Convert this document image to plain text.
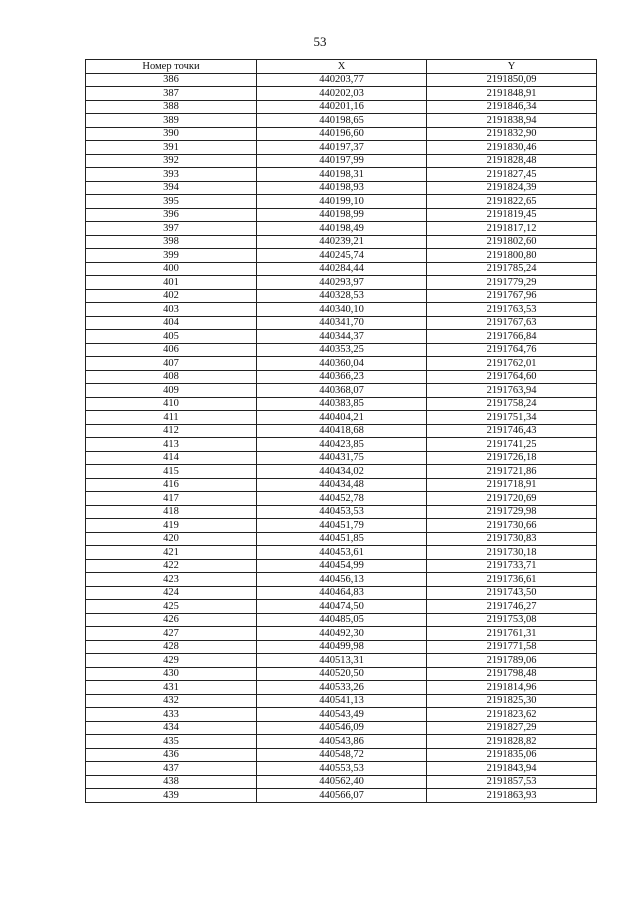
53
Номер точки	X	Y
386	440203,77	2191850,09
387	440202,03	2191848,91
388	440201,16	2191846,34
389	440198,65	2191838,94
390	440196,60	2191832,90
391	440197,37	2191830,46
392	440197,99	2191828,48
393	440198,31	2191827,45
394	440198,93	2191824,39
395	440199,10	2191822,65
396	440198,99	2191819,45
397	440198,49	2191817,12
398	440239,21	2191802,60
399	440245,74	2191800,80
400	440284,44	2191785,24
401	440293,97	2191779,29
402	440328,53	2191767,96
403	440340,10	2191763,53
404	440341,70	2191767,63
405	440344,37	2191766,84
406	440353,25	2191764,76
407	440360,04	2191762,01
408	440366,23	2191764,60
409	440368,07	2191763,94
410	440383,85	2191758,24
411	440404,21	2191751,34
412	440418,68	2191746,43
413	440423,85	2191741,25
414	440431,75	2191726,18
415	440434,02	2191721,86
416	440434,48	2191718,91
417	440452,78	2191720,69
418	440453,53	2191729,98
419	440451,79	2191730,66
420	440451,85	2191730,83
421	440453,61	2191730,18
422	440454,99	2191733,71
423	440456,13	2191736,61
424	440464,83	2191743,50
425	440474,50	2191746,27
426	440485,05	2191753,08
427	440492,30	2191761,31
428	440499,98	2191771,58
429	440513,31	2191789,06
430	440520,50	2191798,48
431	440533,26	2191814,96
432	440541,13	2191825,30
433	440543,49	2191823,62
434	440546,09	2191827,29
435	440543,86	2191828,82
436	440548,72	2191835,06
437	440553,53	2191843,94
438	440562,40	2191857,53
439	440566,07	2191863,93
